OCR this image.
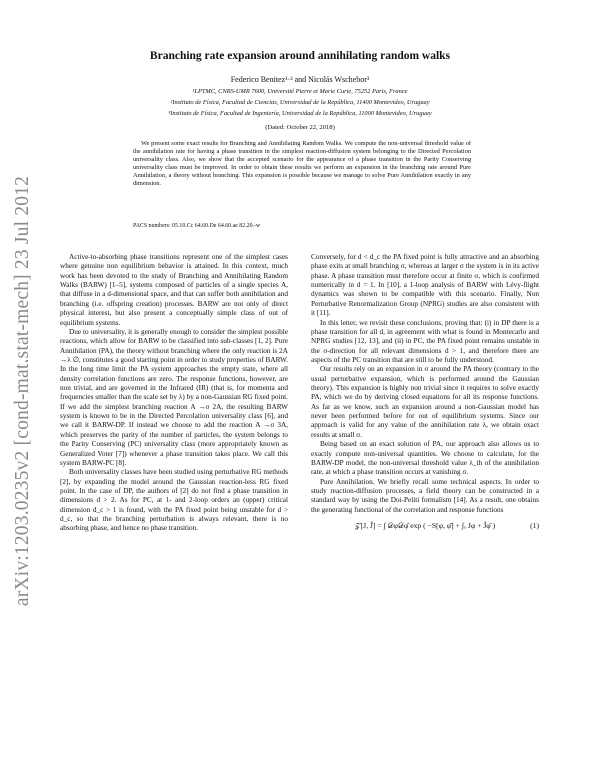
arXiv:1203.0235v2 [cond-mat.stat-mech] 23 Jul 2012
Branching rate expansion around annihilating random walks
Federico Benitez¹·² and Nicolás Wschebor³
¹LPTMC, CNRS-UMR 7600, Université Pierre et Marie Curie, 75252 Paris, France
²Instituto de Física, Facultad de Ciencias, Universidad de la República, 11400 Montevideo, Uruguay
³Instituto de Física, Facultad de Ingeniería, Universidad de la República, 11000 Montevideo, Uruguay
(Dated: October 22, 2018)
We present some exact results for Branching and Annihilating Random Walks. We compute the non-universal threshold value of the annihilation rate for having a phase transition in the simplest reaction-diffusion system belonging to the Directed Percolation universality class. Also, we show that the accepted scenario for the appearance of a phase transition in the Parity Conserving universality class must be improved. In order to obtain these results we perform an expansion in the branching rate around Pure Annihilation, a theory without branching. This expansion is possible because we manage to solve Pure Annihilation exactly in any dimension.
PACS numbers: 05.10.Cc 64.60.De 64.60.ae 82.20.-w

Active-to-absorbing phase transitions represent one of the simplest cases where genuine non equilibrium behavior is attained. In this context, much work has been devoted to the study of Branching and Annihilating Random Walks (BARW) [1–5], systems composed of particles of a single species A, that diffuse in a d-dimensional space, and that can suffer both annihilation and branching (i.e. offspring creation) processes. BARW are not only of direct physical interest, but also present a conceptually simple class of out of equilibrium systems.

Due to universality, it is generally enough to consider the simplest possible reactions, which allow for BARW to be classified into sub-classes [1, 2]. Pure Annihilation (PA), the theory without branching where the only reaction is 2A →λ ∅, constitutes a good starting point in order to study properties of BARW. In the long time limit the PA system approaches the empty state, where all density correlation functions are zero. The response functions, however, are non trivial, and are governed in the Infrared (IR) (that is, for momenta and frequencies smaller than the scale set by λ) by a non-Gaussian RG fixed point. If we add the simplest branching reaction A →σ 2A, the resulting BARW system is known to be in the Directed Percolation universality class [6], and we call it BARW-DP. If instead we choose to add the reaction A →σ 3A, which preserves the parity of the number of particles, the system belongs to the Parity Conserving (PC) universality class (more appropriately known as Generalized Voter [7]) whenever a phase transition takes place. We call this system BARW-PC [8].

Both universality classes have been studied using perturbative RG methods [2], by expanding the model around the Gaussian reaction-less RG fixed point. In the case of DP, the authors of [2] do not find a phase transition in dimensions d > 2. As for PC, at 1- and 2-loop orders an (upper) critical dimension d_c > 1 is found, with the PA fixed point being unstable for d > d_c, so that the branching perturbation is always relevant, there is no absorbing phase, and hence no phase transition.

Conversely, for d < d_c the PA fixed point is fully attractive and an absorbing phase exits at small branching σ, whereas at larger σ the system is in its active phase. A phase transition must therefore occur at finite σ, which is confirmed numerically in d = 1. In [10], a 1-loop analysis of BARW with Lévy-flight dynamics was shown to be compatible with this scenario. Finally, Non Perturbative Renormalization Group (NPRG) studies are also consistent with it [11].

In this letter, we revisit these conclusions, proving that: (i) in DP there is a phase transition for all d, in agreement with what is found in Montecarlo and NPRG studies [12, 13], and (ii) in PC, the PA fixed point remains unstable in the σ-direction for all relevant dimensions d > 1, and therefore there are aspects of the PC transition that are still to be fully understood.

Our results rely on an expansion in σ around the PA theory (contrary to the usual perturbative expansion, which is performed around the Gaussian theory). This expansion is highly non trivial since it requires to solve exactly PA, which we do by deriving closed equations for all its response functions. As far as we know, such an expansion around a non-Gaussian model has never been performed before for out of equilibrium systems. Since our approach is valid for any value of the annihilation rate λ, we obtain exact results at small σ.

Being based on an exact solution of PA, our approach also allows us to exactly compute non-universal quantities. We choose to calculate, for the BARW-DP model, the non-universal threshold value λ_th of the annihilation rate, at which a phase transition occurs at vanishing σ.

Pure Annihilation. We briefly recall some technical aspects. In order to study reaction-diffusion processes, a field theory can be constructed in a standard way by using the Doi-Peliti formalism [14]. As a result, one obtains the generating functional of the correlation and response functions

𝒵[J, Ĵ] = ∫ 𝒟φ𝒟φ̂ exp ( −S[φ, φ̂] + ∫ₓ Jφ + Ĵφ̂ )	(1)
